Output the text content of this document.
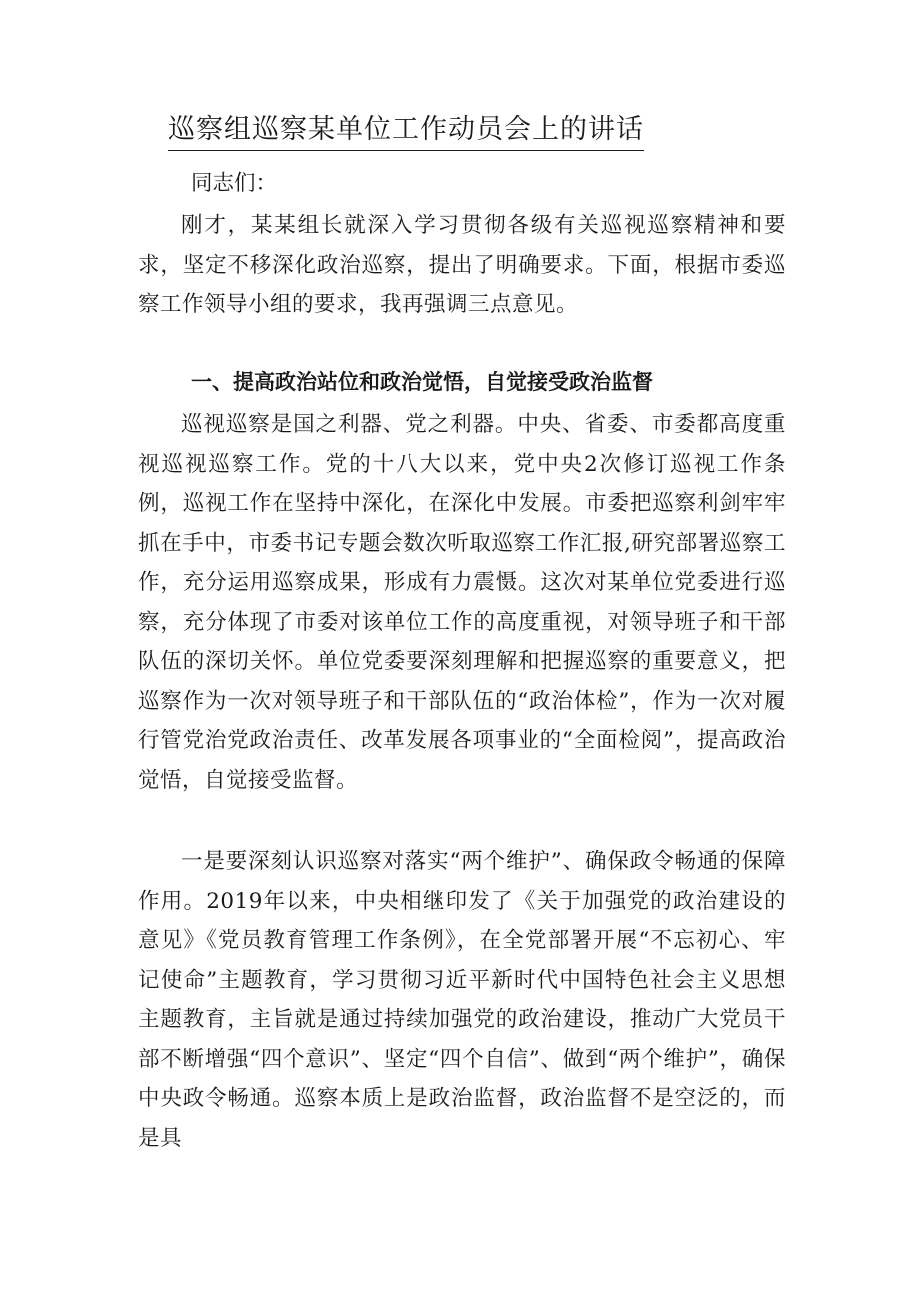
巡察组巡察某单位工作动员会上的讲话

同志们：

刚才，某某组长就深入学习贯彻各级有关巡视巡察精神和要求，坚定不移深化政治巡察，提出了明确要求。下面，根据市委巡察工作领导小组的要求，我再强调三点意见。

一、提高政治站位和政治觉悟，自觉接受政治监督

巡视巡察是国之利器、党之利器。中央、省委、市委都高度重视巡视巡察工作。党的十八大以来，党中央2次修订巡视工作条例，巡视工作在坚持中深化，在深化中发展。市委把巡察利剑牢牢抓在手中，市委书记专题会数次听取巡察工作汇报,研究部署巡察工作，充分运用巡察成果，形成有力震慑。这次对某单位党委进行巡察，充分体现了市委对该单位工作的高度重视，对领导班子和干部队伍的深切关怀。单位党委要深刻理解和把握巡察的重要意义，把巡察作为一次对领导班子和干部队伍的“政治体检”，作为一次对履行管党治党政治责任、改革发展各项事业的“全面检阅”，提高政治觉悟，自觉接受监督。

一是要深刻认识巡察对落实“两个维护”、确保政令畅通的保障作用。2019年以来，中央相继印发了《关于加强党的政治建设的意见》《党员教育管理工作条例》，在全党部署开展“不忘初心、牢记使命”主题教育，学习贯彻习近平新时代中国特色社会主义思想主题教育，主旨就是通过持续加强党的政治建设，推动广大党员干部不断增强“四个意识”、坚定“四个自信”、做到“两个维护”，确保中央政令畅通。巡察本质上是政治监督，政治监督不是空泛的，而是具
